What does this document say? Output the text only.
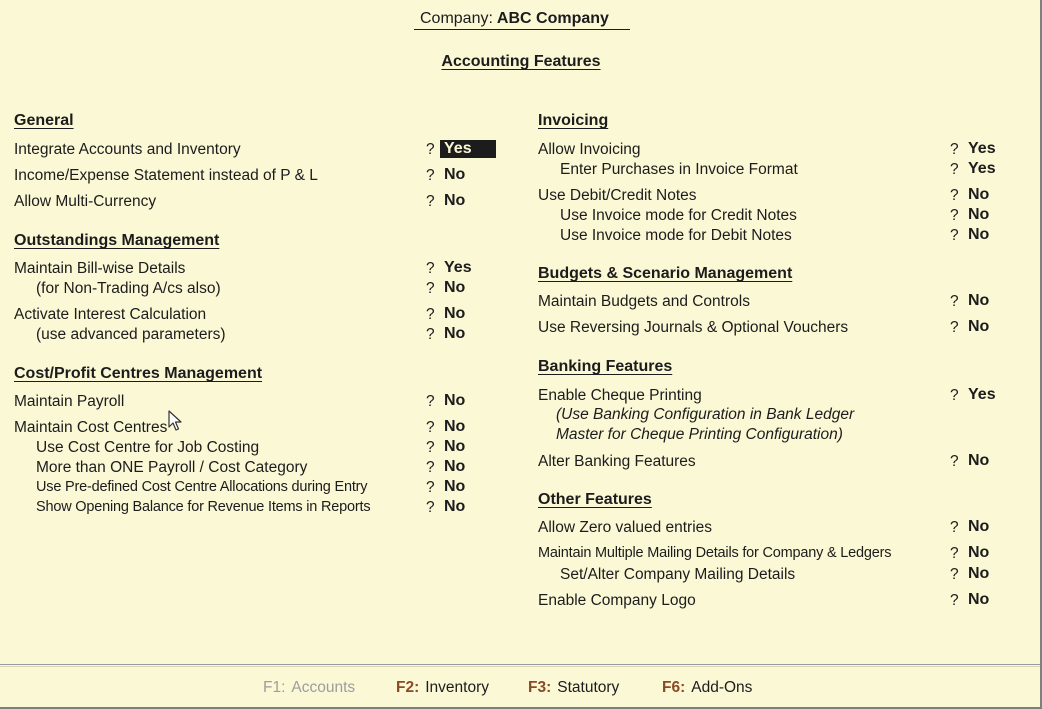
Company: ABC Company
Accounting Features
General
Integrate Accounts and Inventory	? Yes
Income/Expense Statement instead of P & L	? No
Allow Multi-Currency	? No
Outstandings Management
Maintain Bill-wise Details	? Yes
(for Non-Trading A/cs also)	? No
Activate Interest Calculation	? No
(use advanced parameters)	? No
Cost/Profit Centres Management
Maintain Payroll	? No
Maintain Cost Centres	? No
Use Cost Centre for Job Costing	? No
More than ONE Payroll / Cost Category	? No
Use Pre-defined Cost Centre Allocations during Entry	? No
Show Opening Balance for Revenue Items in Reports	? No
Invoicing
Allow Invoicing	? Yes
Enter Purchases in Invoice Format	? Yes
Use Debit/Credit Notes	? No
Use Invoice mode for Credit Notes	? No
Use Invoice mode for Debit Notes	? No
Budgets & Scenario Management
Maintain Budgets and Controls	? No
Use Reversing Journals & Optional Vouchers	? No
Banking Features
Enable Cheque Printing	? Yes
(Use Banking Configuration in Bank Ledger
Master for Cheque Printing Configuration)
Alter Banking Features	? No
Other Features
Allow Zero valued entries	? No
Maintain Multiple Mailing Details for Company & Ledgers	? No
Set/Alter Company Mailing Details	? No
Enable Company Logo	? No
F1: Accounts	F2: Inventory	F3: Statutory	F6: Add-Ons
